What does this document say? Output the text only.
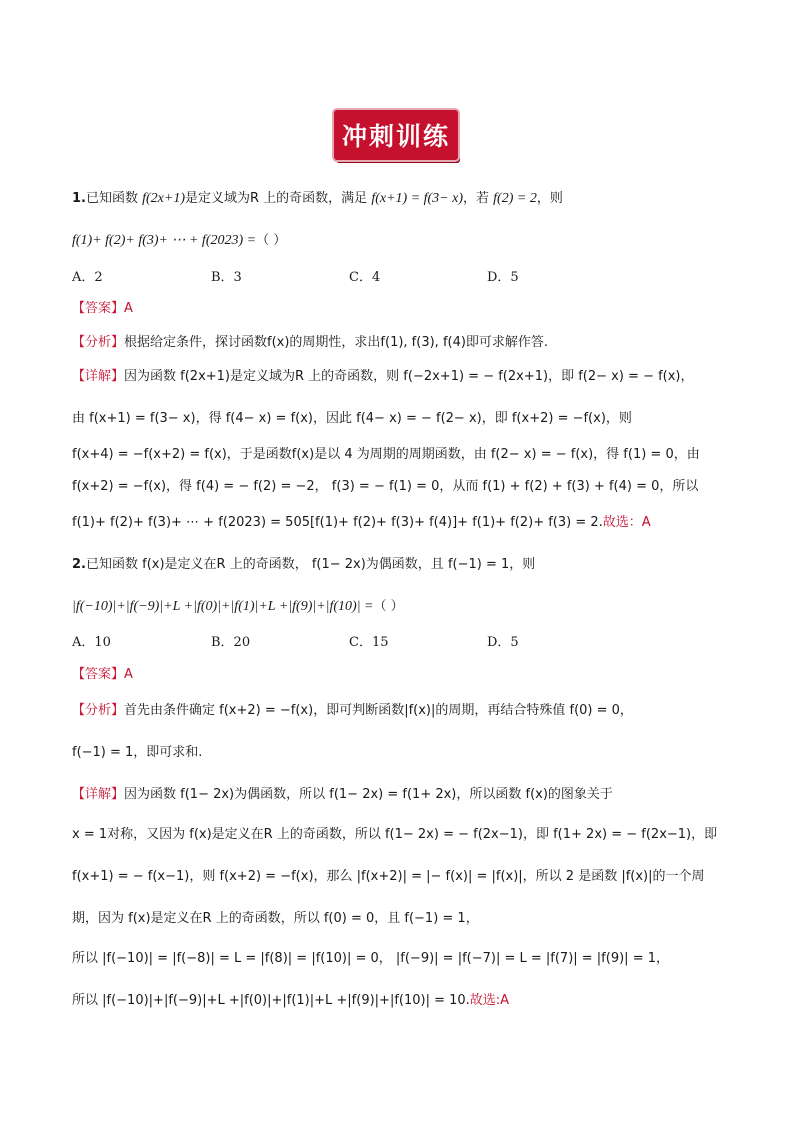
冲刺训练
1.已知函数 f(2x+1)是定义域为R 上的奇函数，满足 f(x+1) = f(3− x)，若 f(2) = 2，则
f(1)+ f(2)+ f(3)+ ⋯ + f(2023) =（ ）
A．2	B．3	C．4	D．5
【答案】A
【分析】根据给定条件，探讨函数f(x)的周期性，求出f(1), f(3), f(4)即可求解作答.
【详解】因为函数 f(2x+1)是定义域为R 上的奇函数，则 f(−2x+1) = − f(2x+1)，即 f(2− x) = − f(x)，
由 f(x+1) = f(3− x)，得 f(4− x) = f(x)，因此 f(4− x) = − f(2− x)，即 f(x+2) = −f(x)，则
f(x+4) = −f(x+2) = f(x)，于是函数f(x)是以 4 为周期的周期函数，由 f(2− x) = − f(x)，得 f(1) = 0，由
f(x+2) = −f(x)，得 f(4) = − f(2) = −2， f(3) = − f(1) = 0，从而 f(1) + f(2) + f(3) + f(4) = 0，所以
f(1)+ f(2)+ f(3)+ ⋯ + f(2023) = 505[f(1)+ f(2)+ f(3)+ f(4)]+ f(1)+ f(2)+ f(3) = 2.故选：A
2.已知函数 f(x)是定义在R 上的奇函数， f(1− 2x)为偶函数，且 f(−1) = 1，则
|f(−10)|+|f(−9)|+L +|f(0)|+|f(1)|+L +|f(9)|+|f(10)| =（ ）
A．10	B．20	C．15	D．5
【答案】A
【分析】首先由条件确定 f(x+2) = −f(x)，即可判断函数|f(x)|的周期，再结合特殊值 f(0) = 0，
f(−1) = 1，即可求和.
【详解】因为函数 f(1− 2x)为偶函数，所以 f(1− 2x) = f(1+ 2x)，所以函数 f(x)的图象关于
x = 1对称，又因为 f(x)是定义在R 上的奇函数，所以 f(1− 2x) = − f(2x−1)，即 f(1+ 2x) = − f(2x−1)，即
f(x+1) = − f(x−1)，则 f(x+2) = −f(x)，那么 |f(x+2)| = |− f(x)| = |f(x)|，所以 2 是函数 |f(x)|的一个周
期，因为 f(x)是定义在R 上的奇函数，所以 f(0) = 0，且 f(−1) = 1，
所以 |f(−10)| = |f(−8)| = L = |f(8)| = |f(10)| = 0， |f(−9)| = |f(−7)| = L = |f(7)| = |f(9)| = 1，
所以 |f(−10)|+|f(−9)|+L +|f(0)|+|f(1)|+L +|f(9)|+|f(10)| = 10.故选:A
